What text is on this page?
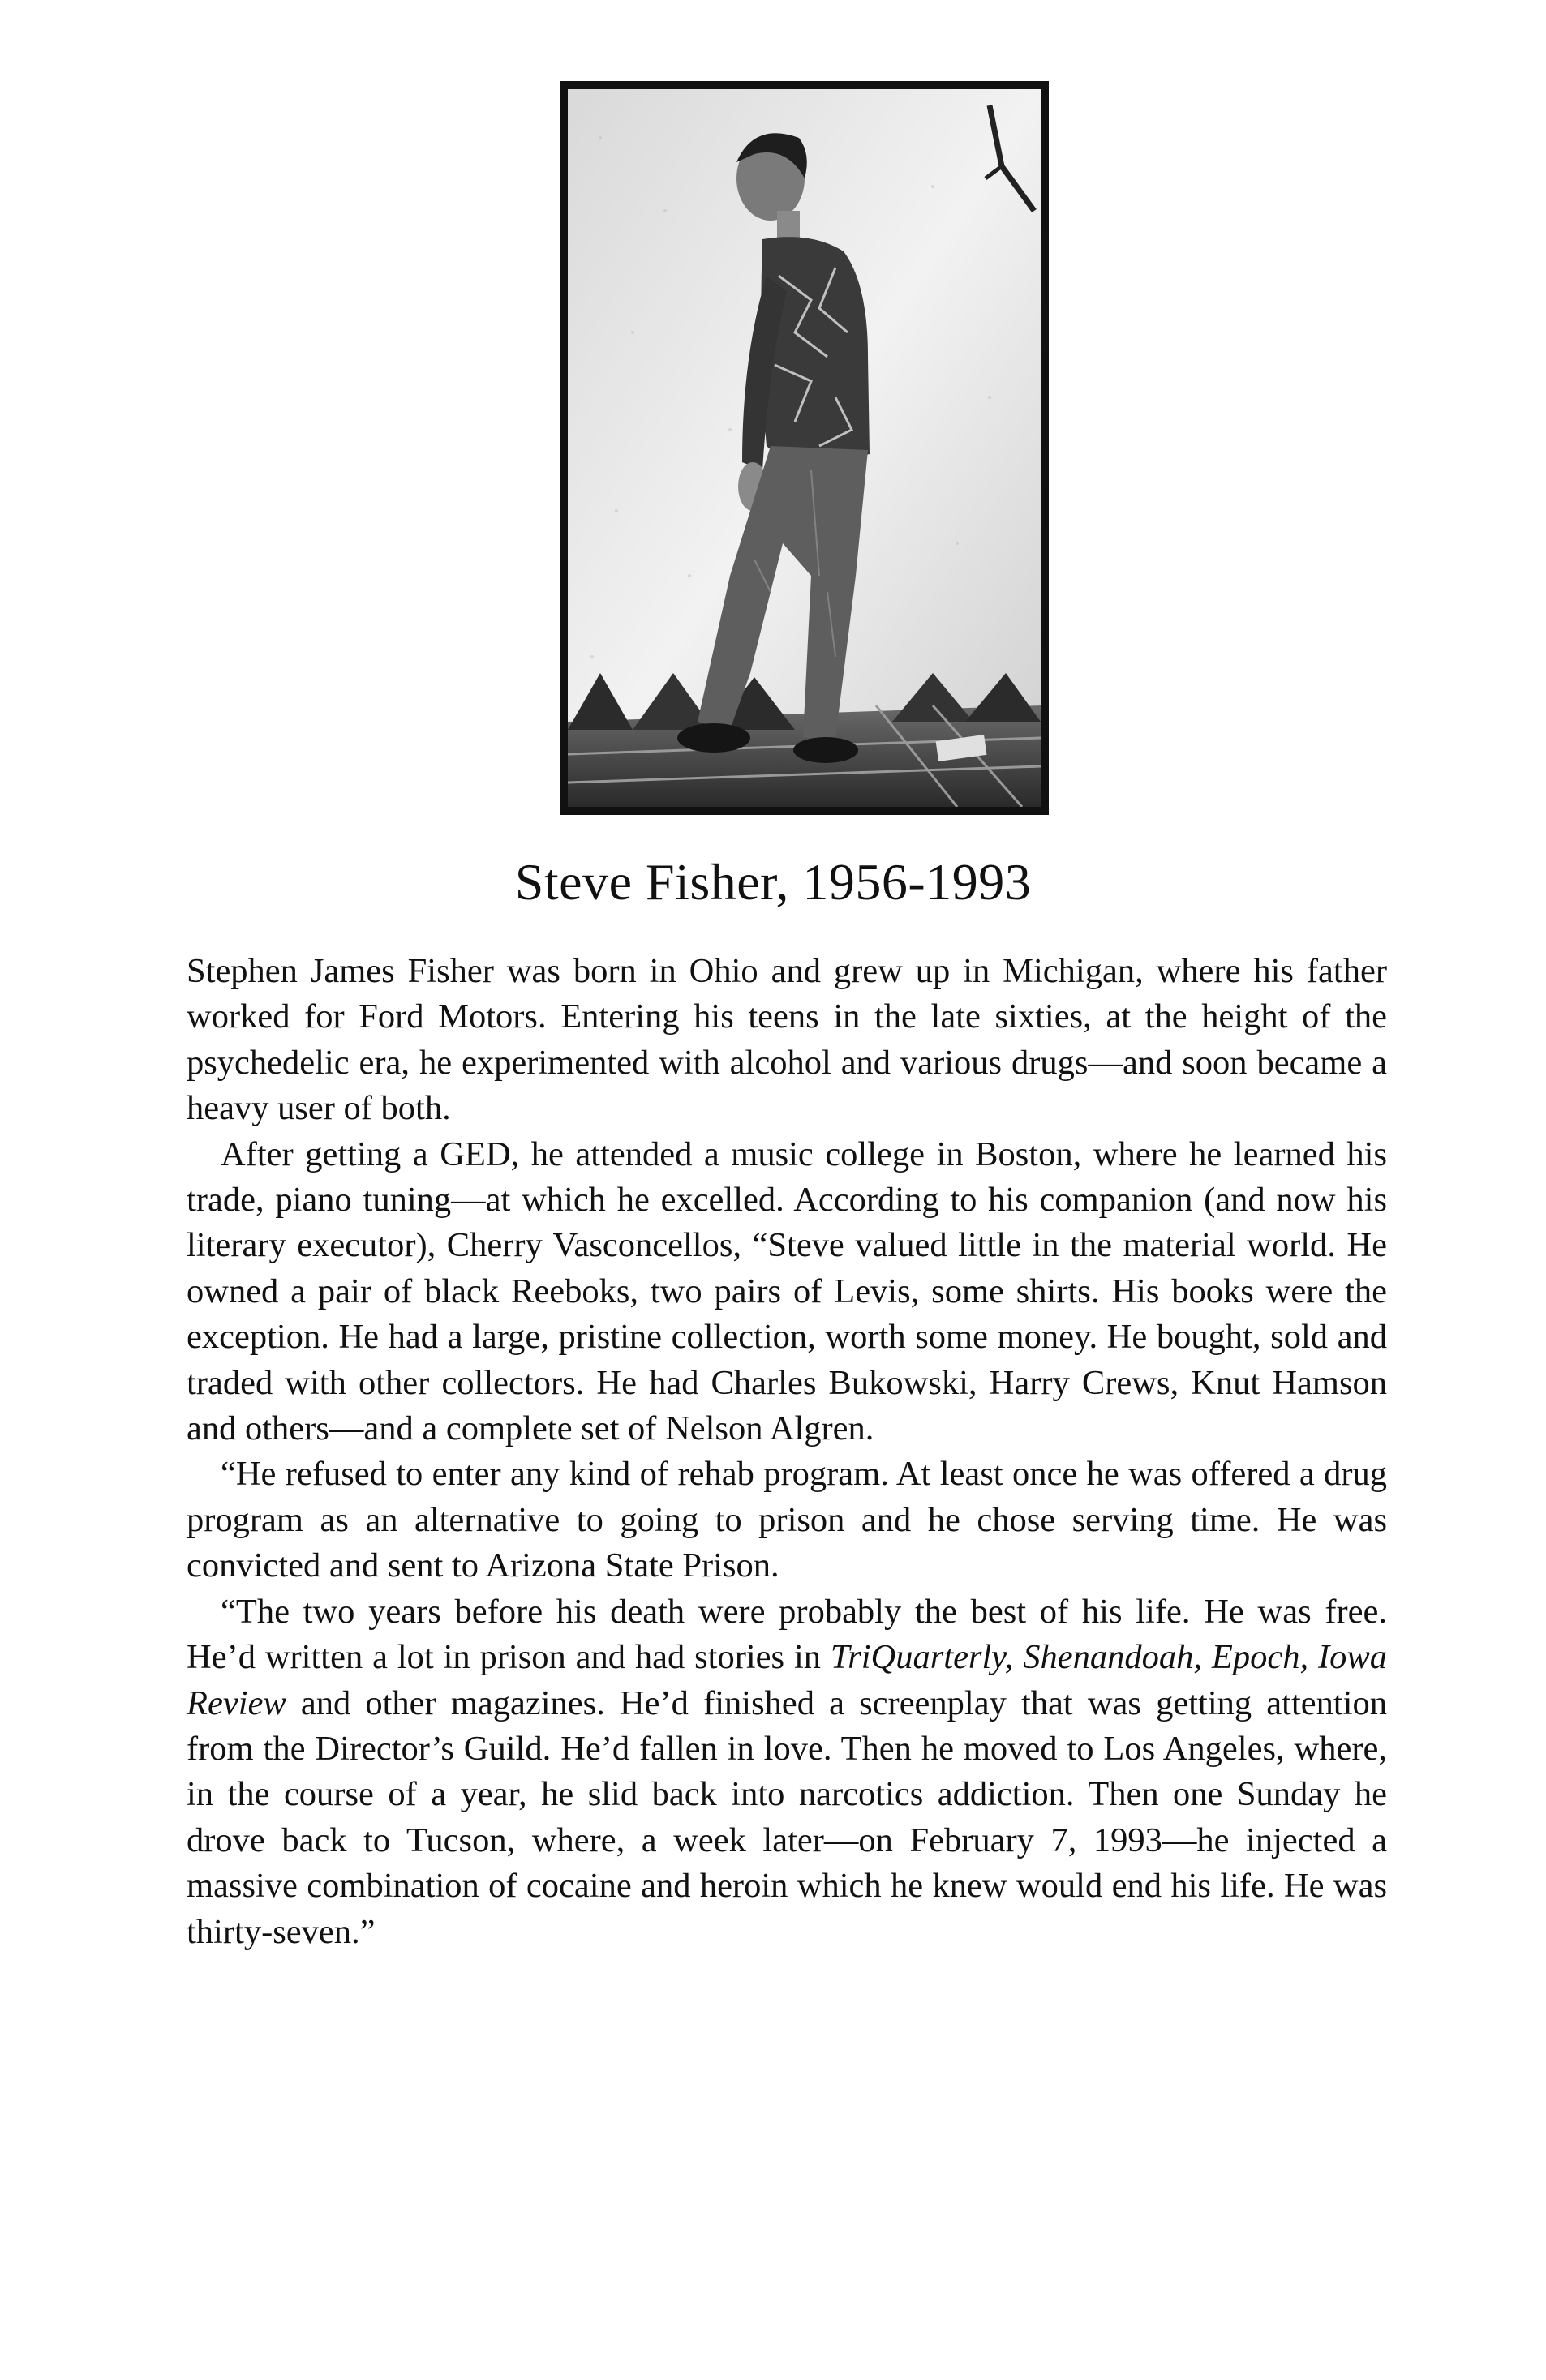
Steve Fisher, 1956-1993

Stephen James Fisher was born in Ohio and grew up in Michigan, where his father worked for Ford Motors. Entering his teens in the late sixties, at the height of the psychedelic era, he experimented with alcohol and various drugs—and soon became a heavy user of both.

After getting a GED, he attended a music college in Boston, where he learned his trade, piano tuning—at which he excelled. According to his companion (and now his literary executor), Cherry Vasconcellos, “Steve valued little in the material world. He owned a pair of black Reeboks, two pairs of Levis, some shirts. His books were the exception. He had a large, pristine collection, worth some money. He bought, sold and traded with other collectors. He had Charles Bukowski, Harry Crews, Knut Hamson and others—and a complete set of Nelson Algren.

“He refused to enter any kind of rehab program. At least once he was offered a drug program as an alternative to going to prison and he chose serving time. He was convicted and sent to Arizona State Prison.

“The two years before his death were probably the best of his life. He was free. He’d written a lot in prison and had stories in TriQuarterly, Shenandoah, Epoch, Iowa Review and other magazines. He’d finished a screenplay that was getting attention from the Director’s Guild. He’d fallen in love. Then he moved to Los Angeles, where, in the course of a year, he slid back into narcotics addiction. Then one Sunday he drove back to Tucson, where, a week later—on February 7, 1993—he injected a massive combination of cocaine and heroin which he knew would end his life. He was thirty-seven.”
